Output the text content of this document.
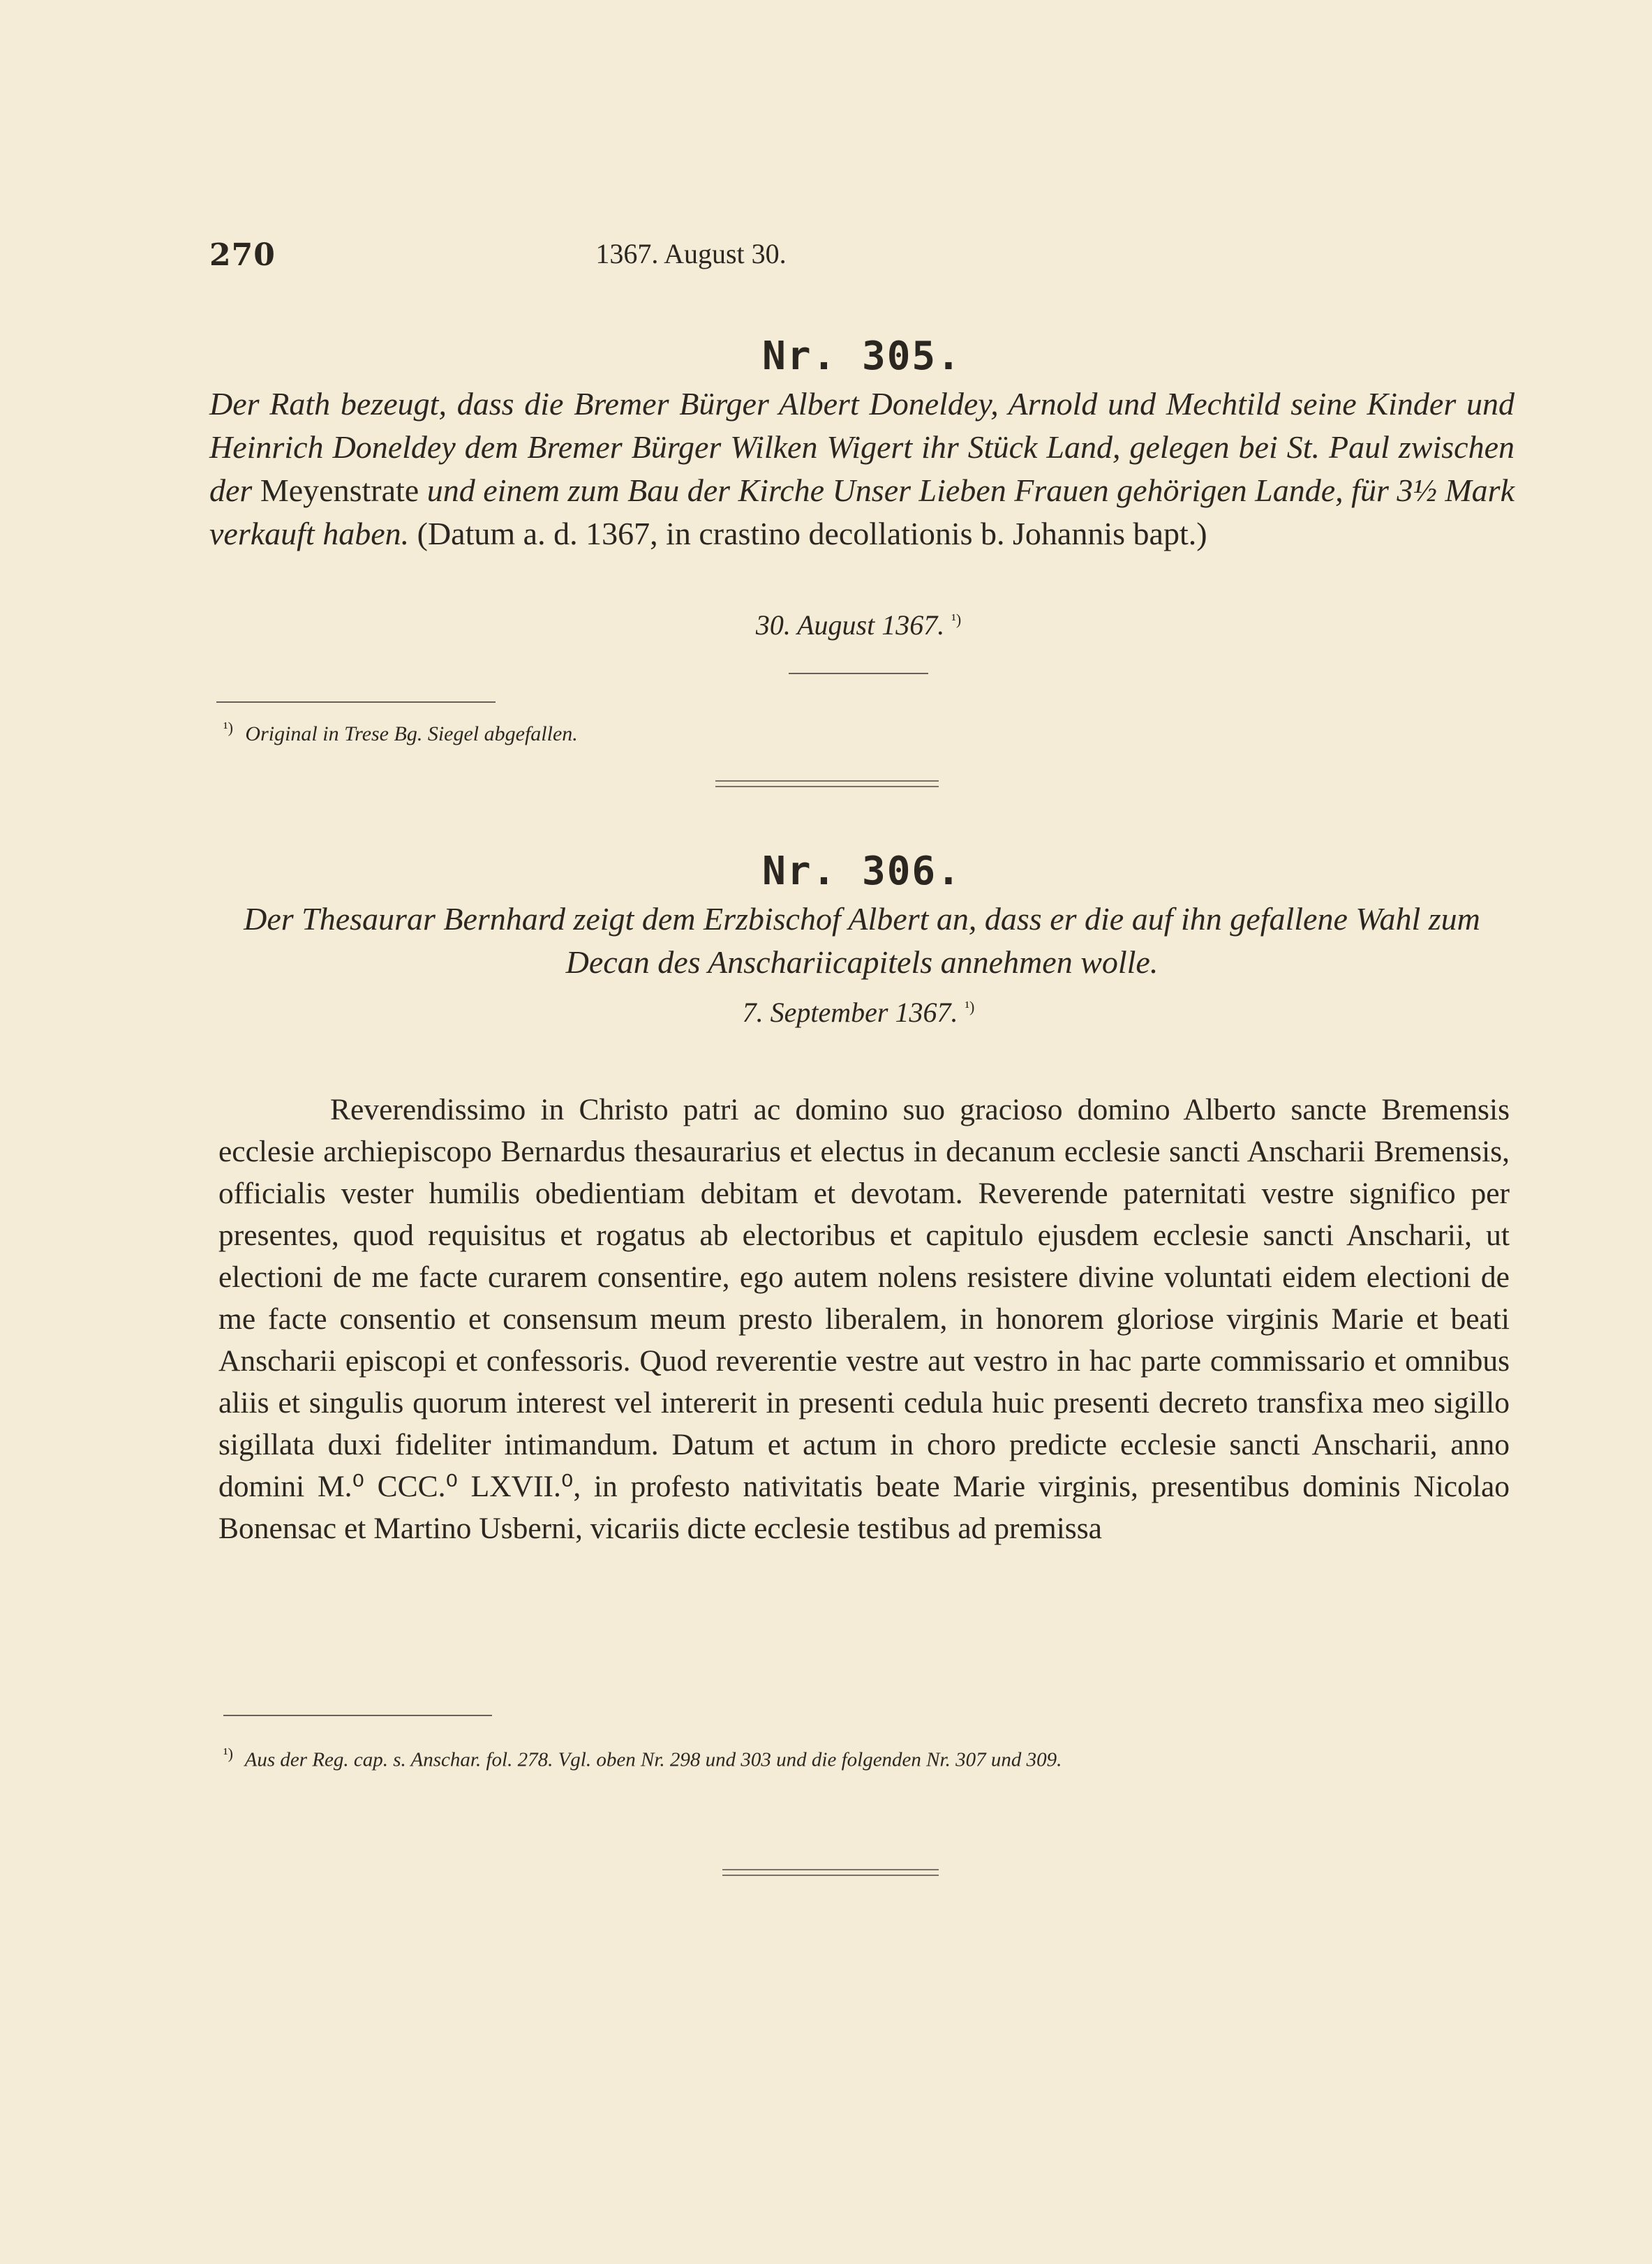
270	1367. August 30.
Nr. 305.
Der Rath bezeugt, dass die Bremer Bürger Albert Doneldey, Arnold und Mechtild seine Kinder und Heinrich Doneldey dem Bremer Bürger Wilken Wigert ihr Stück Land, gelegen bei St. Paul zwischen der Meyenstrate und einem zum Bau der Kirche Unser Lieben Frauen gehörigen Lande, für 3½ Mark verkauft haben. (Datum a. d. 1367, in crastino decollationis b. Johannis bapt.)
30. August 1367. $^{^1)}$
$^{^1)}$ Original in Trese Bg. Siegel abgefallen.
Nr. 306.
Der Thesaurar Bernhard zeigt dem Erzbischof Albert an, dass er die auf ihn gefallene Wahl zum Decan des Anschariicapitels annehmen wolle.
7. September 1367. $^{^1)}$
Reverendissimo in Christo patri ac domino suo gracioso domino Alberto sancte Bremensis ecclesie archiepiscopo Bernardus thesaurarius et electus in decanum ecclesie sancti Anscharii Bremensis, officialis vester humilis obedientiam debitam et devotam. Reverende paternitati vestre significo per presentes, quod requisitus et rogatus ab electoribus et capitulo ejusdem ecclesie sancti Anscharii, ut electioni de me facte curarem consentire, ego autem nolens resistere divine voluntati eidem electioni de me facte consentio et consensum meum presto liberalem, in honorem gloriose virginis Marie et beati Anscharii episcopi et confessoris. Quod reverentie vestre aut vestro in hac parte commissario et omnibus aliis et singulis quorum interest vel intererit in presenti cedula huic presenti decreto transfixa meo sigillo sigillata duxi fideliter intimandum. Datum et actum in choro predicte ecclesie sancti Anscharii, anno domini M.⁰ CCC.⁰ LXVII.⁰, in profesto nativitatis beate Marie virginis, presentibus dominis Nicolao Bonensac et Martino Usberni, vicariis dicte ecclesie testibus ad premissa
$^{^1)}$ Aus der Reg. cap. s. Anschar. fol. 278. Vgl. oben Nr. 298 und 303 und die folgenden Nr. 307 und 309.
